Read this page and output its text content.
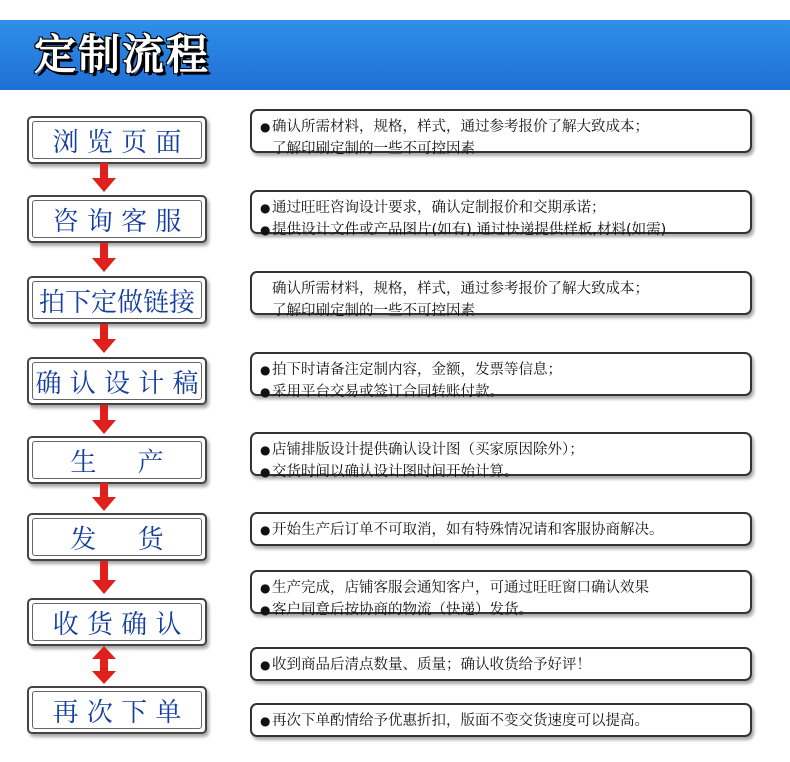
定制流程
浏 览 页 面
咨 询 客 服
拍下定做链接
确 认 设 计 稿
生     产
发     货
收 货 确 认
再 次 下 单
● 确认所需材料，规格，样式，通过参考报价了解大致成本；
了解印刷定制的一些不可控因素
● 通过旺旺咨询设计要求，确认定制报价和交期承诺；
● 提供设计文件或产品图片(如有),通过快递提供样板,材料(如需)
确认所需材料，规格，样式，通过参考报价了解大致成本；
了解印刷定制的一些不可控因素
● 拍下时请备注定制内容，金额，发票等信息；
● 采用平台交易或签订合同转账付款。
● 店铺排版设计提供确认设计图（买家原因除外）；
● 交货时间以确认设计图时间开始计算。
● 开始生产后订单不可取消，如有特殊情况请和客服协商解决。
● 生产完成，店铺客服会通知客户，可通过旺旺窗口确认效果
● 客户同意后按协商的物流（快递）发货。
● 收到商品后清点数量、质量；确认收货给予好评！
● 再次下单酌情给予优惠折扣，版面不变交货速度可以提高。
